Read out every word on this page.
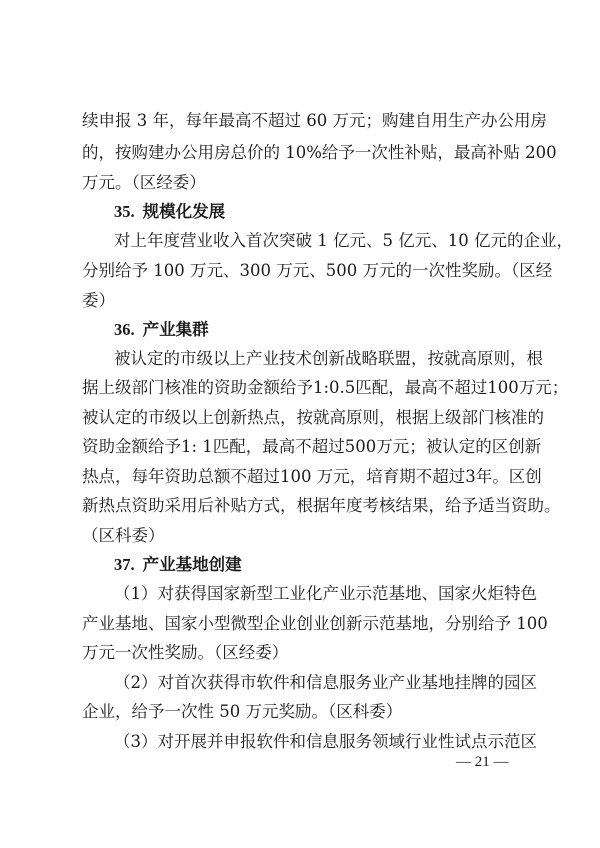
续申报 3 年，每年最高不超过 60 万元；购建自用生产办公用房
的，按购建办公用房总价的 10%给予一次性补贴，最高补贴 200
万元。（区经委）
35. 规模化发展
对上年度营业收入首次突破 1 亿元、5 亿元、10 亿元的企业，
分别给予 100 万元、300 万元、500 万元的一次性奖励。（区经
委）
36. 产业集群
被认定的市级以上产业技术创新战略联盟，按就高原则，根
据上级部门核准的资助金额给予1:0.5匹配，最高不超过100万元；
被认定的市级以上创新热点，按就高原则，根据上级部门核准的
资助金额给予1: 1匹配，最高不超过500万元；被认定的区创新
热点，每年资助总额不超过100 万元，培育期不超过3年。区创
新热点资助采用后补贴方式，根据年度考核结果，给予适当资助。
（区科委）
37. 产业基地创建
（1）对获得国家新型工业化产业示范基地、国家火炬特色
产业基地、国家小型微型企业创业创新示范基地，分别给予 100
万元一次性奖励。（区经委）
（2）对首次获得市软件和信息服务业产业基地挂牌的园区
企业，给予一次性 50 万元奖励。（区科委）
（3）对开展并申报软件和信息服务领域行业性试点示范区
— 21 —
